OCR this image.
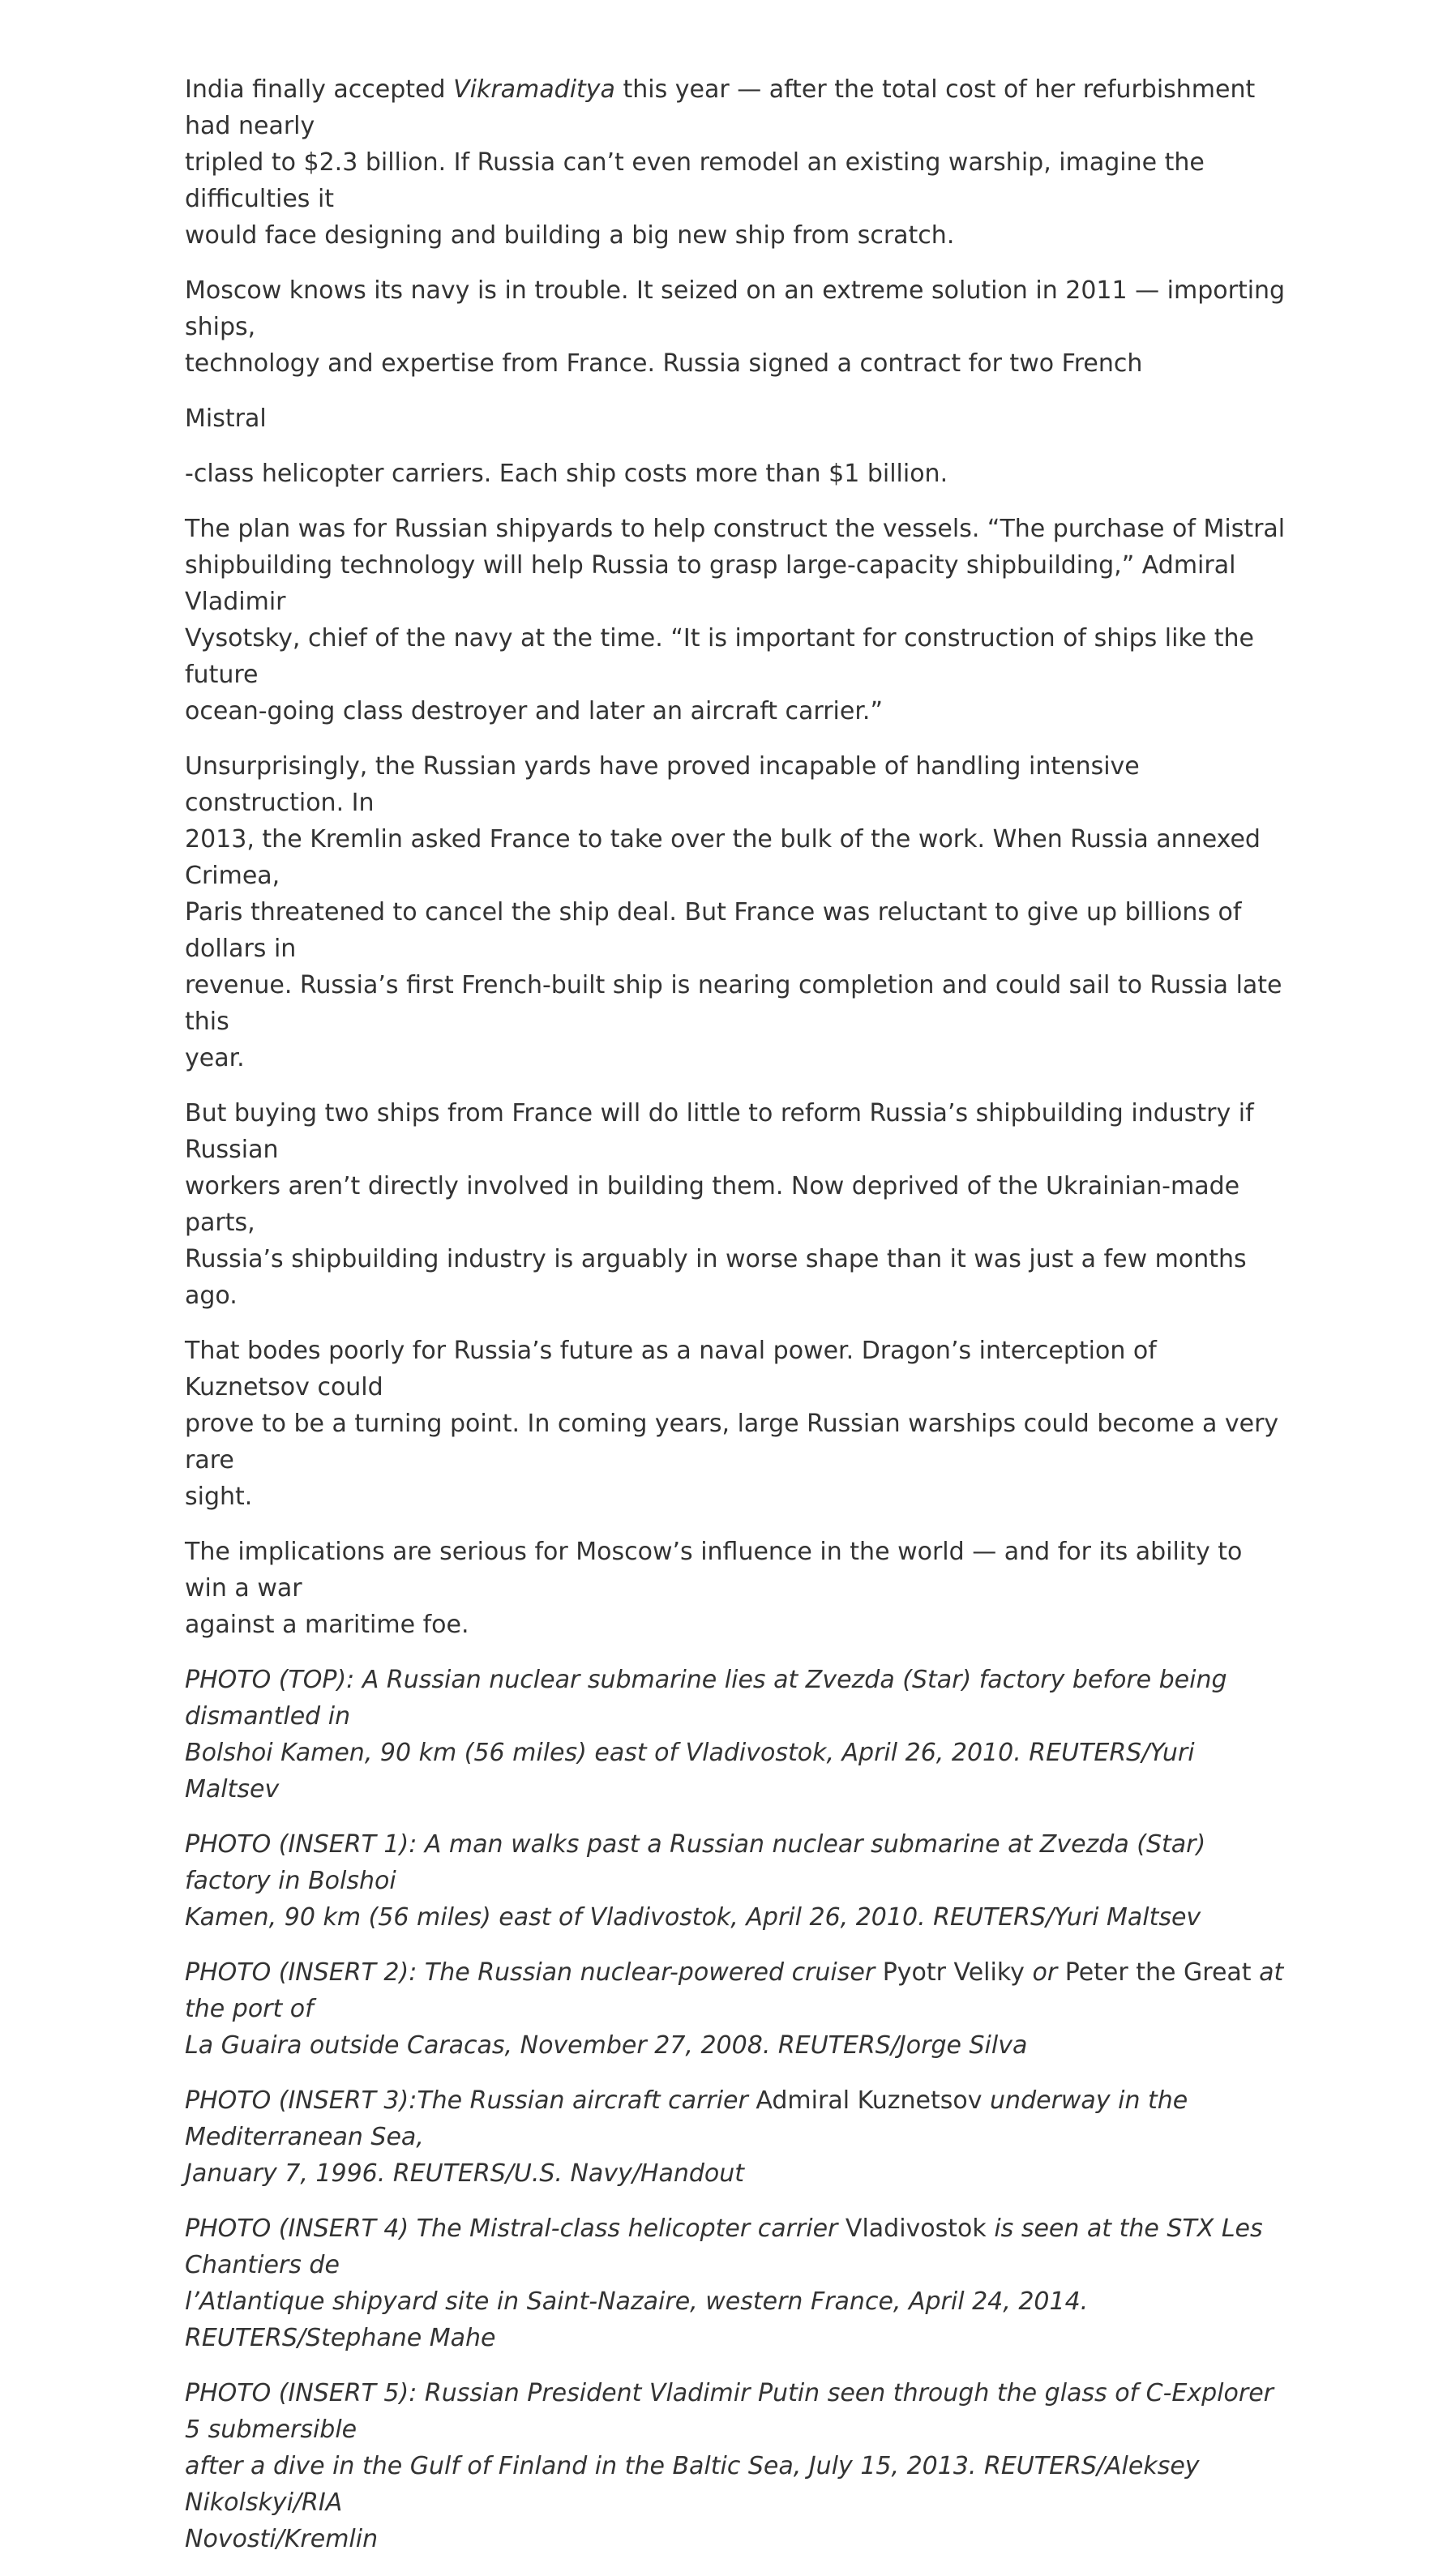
India finally accepted Vikramaditya this year — after the total cost of her refurbishment had nearly
tripled to $2.3 billion. If Russia can’t even remodel an existing warship, imagine the difficulties it
would face designing and building a big new ship from scratch.

Moscow knows its navy is in trouble. It seized on an extreme solution in 2011 — importing ships,
technology and expertise from France. Russia signed a contract for two French

Mistral

-class helicopter carriers. Each ship costs more than $1 billion.

The plan was for Russian shipyards to help construct the vessels. “The purchase of Mistral
shipbuilding technology will help Russia to grasp large-capacity shipbuilding,” Admiral Vladimir
Vysotsky, chief of the navy at the time. “It is important for construction of ships like the future
ocean-going class destroyer and later an aircraft carrier.”

Unsurprisingly, the Russian yards have proved incapable of handling intensive construction. In
2013, the Kremlin asked France to take over the bulk of the work. When Russia annexed Crimea,
Paris threatened to cancel the ship deal. But France was reluctant to give up billions of dollars in
revenue. Russia’s first French-built ship is nearing completion and could sail to Russia late this
year.

But buying two ships from France will do little to reform Russia’s shipbuilding industry if Russian
workers aren’t directly involved in building them. Now deprived of the Ukrainian-made parts,
Russia’s shipbuilding industry is arguably in worse shape than it was just a few months ago.

That bodes poorly for Russia’s future as a naval power. Dragon’s interception of Kuznetsov could
prove to be a turning point. In coming years, large Russian warships could become a very rare
sight.

The implications are serious for Moscow’s influence in the world — and for its ability to win a war
against a maritime foe.

PHOTO (TOP): A Russian nuclear submarine lies at Zvezda (Star) factory before being dismantled in
Bolshoi Kamen, 90 km (56 miles) east of Vladivostok, April 26, 2010. REUTERS/Yuri Maltsev

PHOTO (INSERT 1): A man walks past a Russian nuclear submarine at Zvezda (Star) factory in Bolshoi
Kamen, 90 km (56 miles) east of Vladivostok, April 26, 2010. REUTERS/Yuri Maltsev

PHOTO (INSERT 2): The Russian nuclear-powered cruiser Pyotr Veliky or Peter the Great at the port of
La Guaira outside Caracas, November 27, 2008. REUTERS/Jorge Silva

PHOTO (INSERT 3):The Russian aircraft carrier Admiral Kuznetsov underway in the Mediterranean Sea,
January 7, 1996. REUTERS/U.S. Navy/Handout

PHOTO (INSERT 4) The Mistral-class helicopter carrier Vladivostok is seen at the STX Les Chantiers de
l’Atlantique shipyard site in Saint-Nazaire, western France, April 24, 2014. REUTERS/Stephane Mahe

PHOTO (INSERT 5): Russian President Vladimir Putin seen through the glass of C-Explorer 5 submersible
after a dive in the Gulf of Finland in the Baltic Sea, July 15, 2013. REUTERS/Aleksey Nikolskyi/RIA
Novosti/Kremlin
